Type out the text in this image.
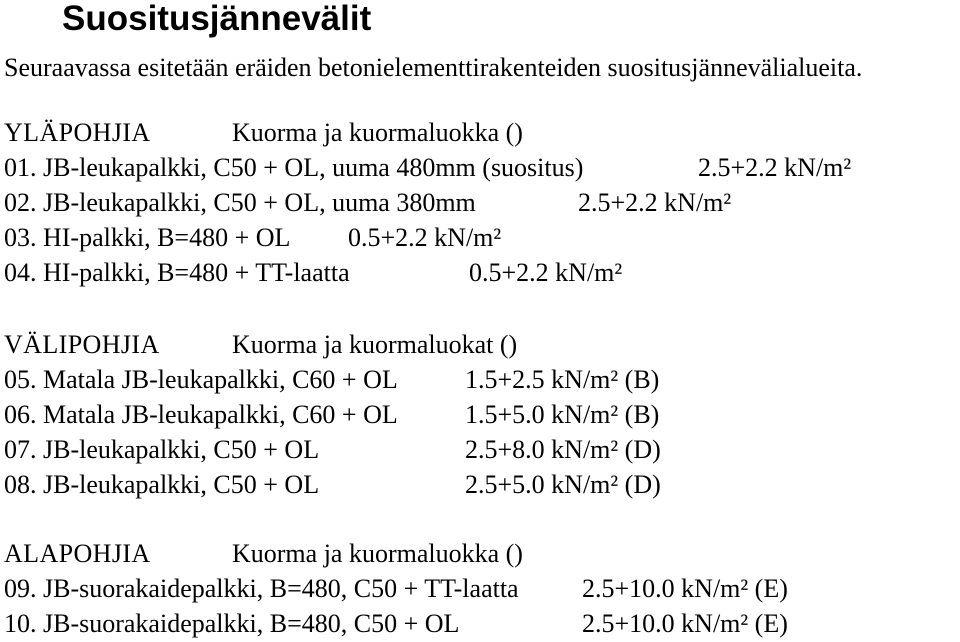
Suositusjännevälit
Seuraavassa esitetään eräiden betonielementtirakenteiden suositusjännevälialueita.
YLÄPOHJIA	Kuorma ja kuormaluokka ()
01. JB-leukapalkki, C50 + OL, uuma 480mm (suositus)	2.5+2.2 kN/m²
02. JB-leukapalkki, C50 + OL, uuma 380mm	2.5+2.2 kN/m²
03. HI-palkki, B=480 + OL 0.5+2.2 kN/m²
04. HI-palkki, B=480 + TT-laatta	0.5+2.2 kN/m²
VÄLIPOHJIA	Kuorma ja kuormaluokat ()
05. Matala JB-leukapalkki, C60 + OL	1.5+2.5 kN/m² (B)
06. Matala JB-leukapalkki, C60 + OL	1.5+5.0 kN/m² (B)
07. JB-leukapalkki, C50 + OL	2.5+8.0 kN/m² (D)
08. JB-leukapalkki, C50 + OL	2.5+5.0 kN/m² (D)
ALAPOHJIA	Kuorma ja kuormaluokka ()
09. JB-suorakaidepalkki, B=480, C50 + TT-laatta 2.5+10.0 kN/m² (E)
10. JB-suorakaidepalkki, B=480, C50 + OL	2.5+10.0 kN/m² (E)
